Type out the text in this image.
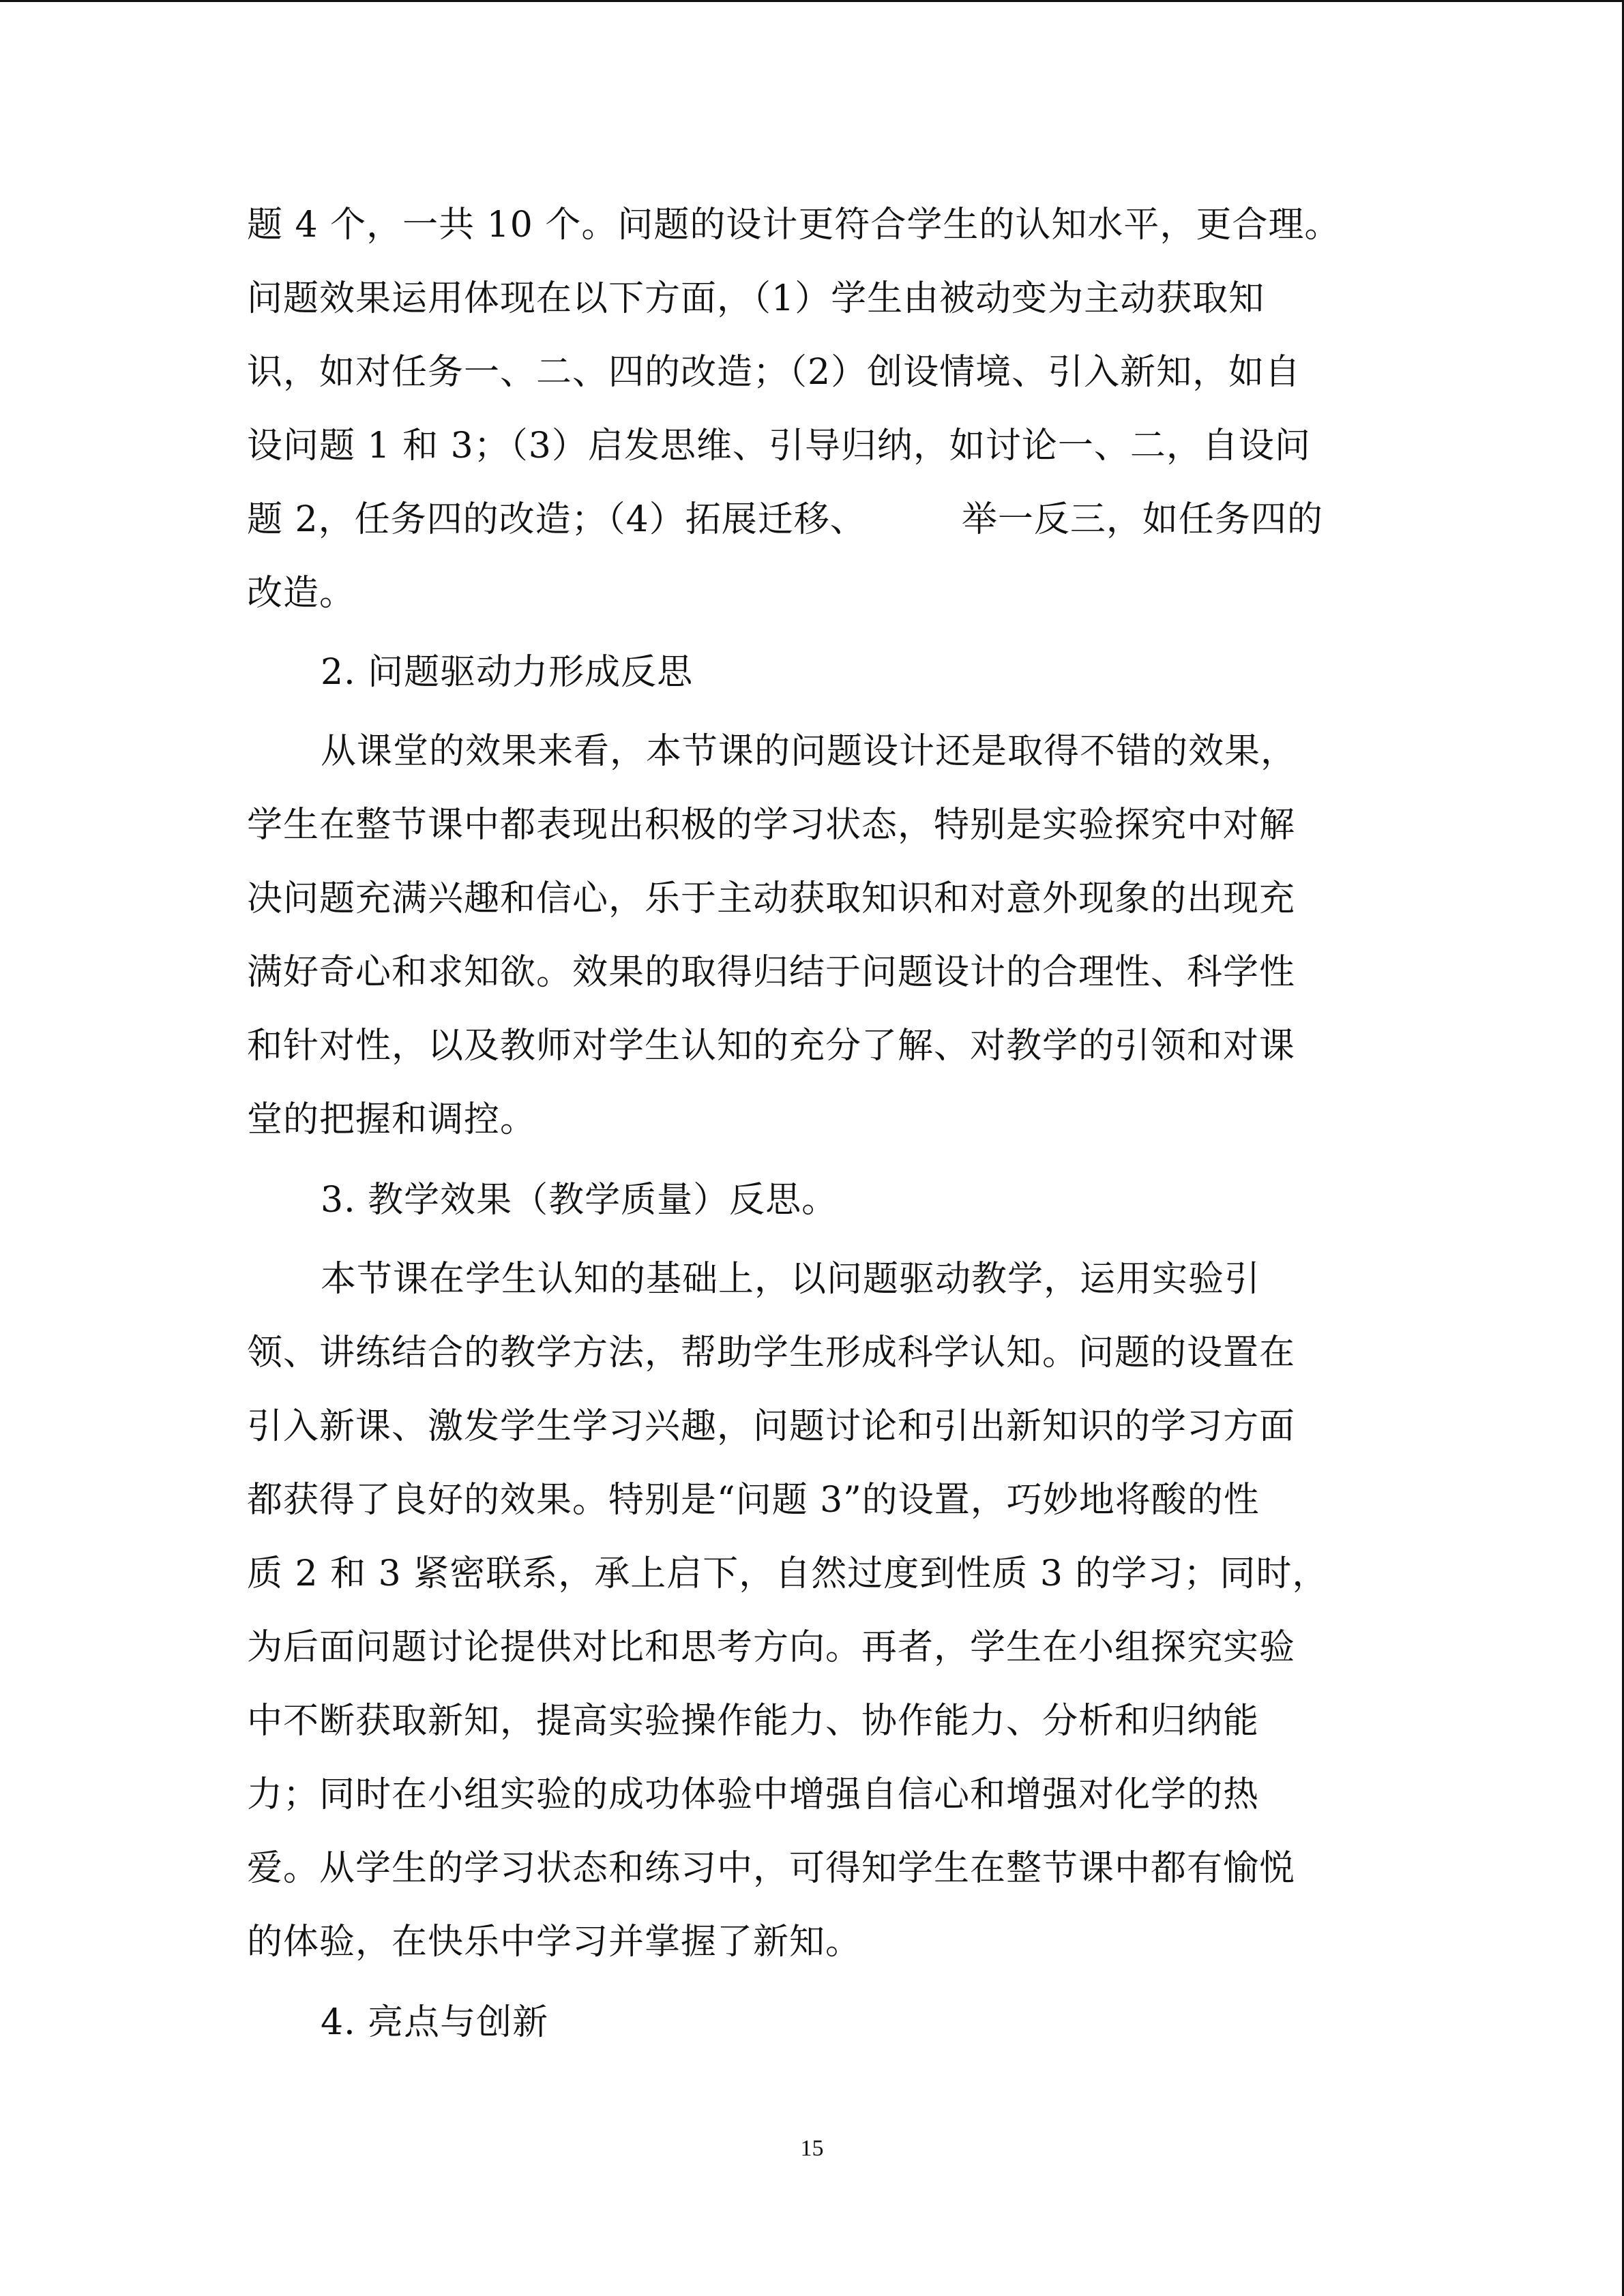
题 4 个，一共 10 个。问题的设计更符合学生的认知水平，更合理。
问题效果运用体现在以下方面，（1）学生由被动变为主动获取知
识，如对任务一、二、四的改造；（2）创设情境、引入新知，如自
设问题 1 和 3；（3）启发思维、引导归纳，如讨论一、二，自设问
题 2，任务四的改造；（4）拓展迁移、        举一反三，如任务四的
改造。
2. 问题驱动力形成反思
从课堂的效果来看，本节课的问题设计还是取得不错的效果，
学生在整节课中都表现出积极的学习状态，特别是实验探究中对解
决问题充满兴趣和信心，乐于主动获取知识和对意外现象的出现充
满好奇心和求知欲。效果的取得归结于问题设计的合理性、科学性
和针对性，以及教师对学生认知的充分了解、对教学的引领和对课
堂的把握和调控。
3. 教学效果（教学质量）反思。
本节课在学生认知的基础上，以问题驱动教学，运用实验引
领、讲练结合的教学方法，帮助学生形成科学认知。问题的设置在
引入新课、激发学生学习兴趣，问题讨论和引出新知识的学习方面
都获得了良好的效果。特别是“问题 3”的设置，巧妙地将酸的性
质 2 和 3 紧密联系，承上启下，自然过度到性质 3 的学习；同时，
为后面问题讨论提供对比和思考方向。再者，学生在小组探究实验
中不断获取新知，提高实验操作能力、协作能力、分析和归纳能
力；同时在小组实验的成功体验中增强自信心和增强对化学的热
爱。从学生的学习状态和练习中，可得知学生在整节课中都有愉悦
的体验，在快乐中学习并掌握了新知。
4. 亮点与创新
15
